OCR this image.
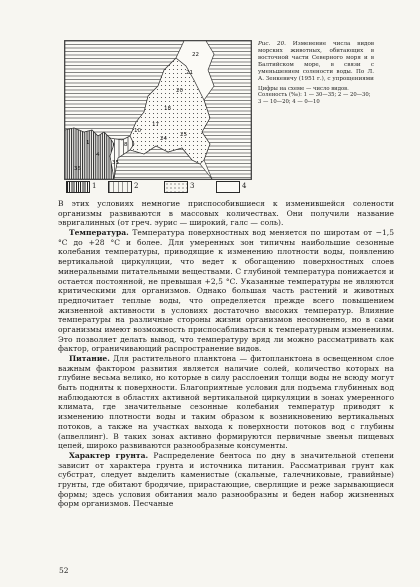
1
4
8
10
17
18
20
21
22
24
25
35
35
Рис. 20. Изменение числа видов морских животных, обитающих в восточной части Северного моря и в Балтийском море, в связи с уменьшением солености воды. По Л. А. Зенкевичу (1951 г.), с упрощениями
Цифры на схеме — число видов. Соленость (‰): 1 — 30—35; 2 — 20—30; 3 — 10—20; 4 — 0—10
1	2	3	4

В этих условиях немногие приспособившиеся к изменившейся солености организмы развиваются в массовых количествах. Они получили название эвригалинных (от греч. эурис — широкий, галс — соль).

Температура. Температура поверхностных вод меняется по широтам от −1,5 °С до +28 °С и более. Для умеренных зон типичны наибольшие сезонные колебания температуры, приводящие к изменению плотности воды, появлению вертикальной циркуляции, что ведет к обогащению поверхностных слоев минеральными питательными веществами. С глубиной температура понижается и остается постоянной, не превышая +2,5 °С. Указанные температуры не являются критическими для организмов. Однако большая часть растений и животных предпочитает теплые воды, что определяется прежде всего повышением жизненной активности в условиях достаточно высоких температур. Влияние температуры на различные стороны жизни организмов несомненно, но в сами организмы имеют возможность приспосабливаться к температурным изменениям. Это позволяет делать вывод, что температуру вряд ли можно рассматривать как фактор, ограничивающий распространение видов.

Питание. Для растительного планктона — фитопланктона в освещенном слое важным фактором развития является наличие солей, количество которых на глубине весьма велико, но которые в силу расслоения толщи воды не всюду могут быть подняты к поверхности. Благоприятные условия для подъема глубинных вод наблюдаются в областях активной вертикальной циркуляции в зонах умеренного климата, где значительные сезонные колебания температур приводят к изменению плотности воды и таким образом к возникновению вертикальных потоков, а также на участках выхода к поверхности потоков вод с глубины (апвеллинг). В таких зонах активно формируются первичные звенья пищевых цепей, широко развиваются разнообразные консументы.

Характер грунта. Распределение бентоса по дну в значительной степени зависит от характера грунта и источника питания. Рассматривая грунт как субстрат, следует выделить каменистые (скальные, галечниковые, гравийные) грунты, где обитают бродячие, прирастающие, сверлящие и реже зарывающиеся формы; здесь условия обитания мало разнообразны и беден набор жизненных форм организмов. Песчаные

52
